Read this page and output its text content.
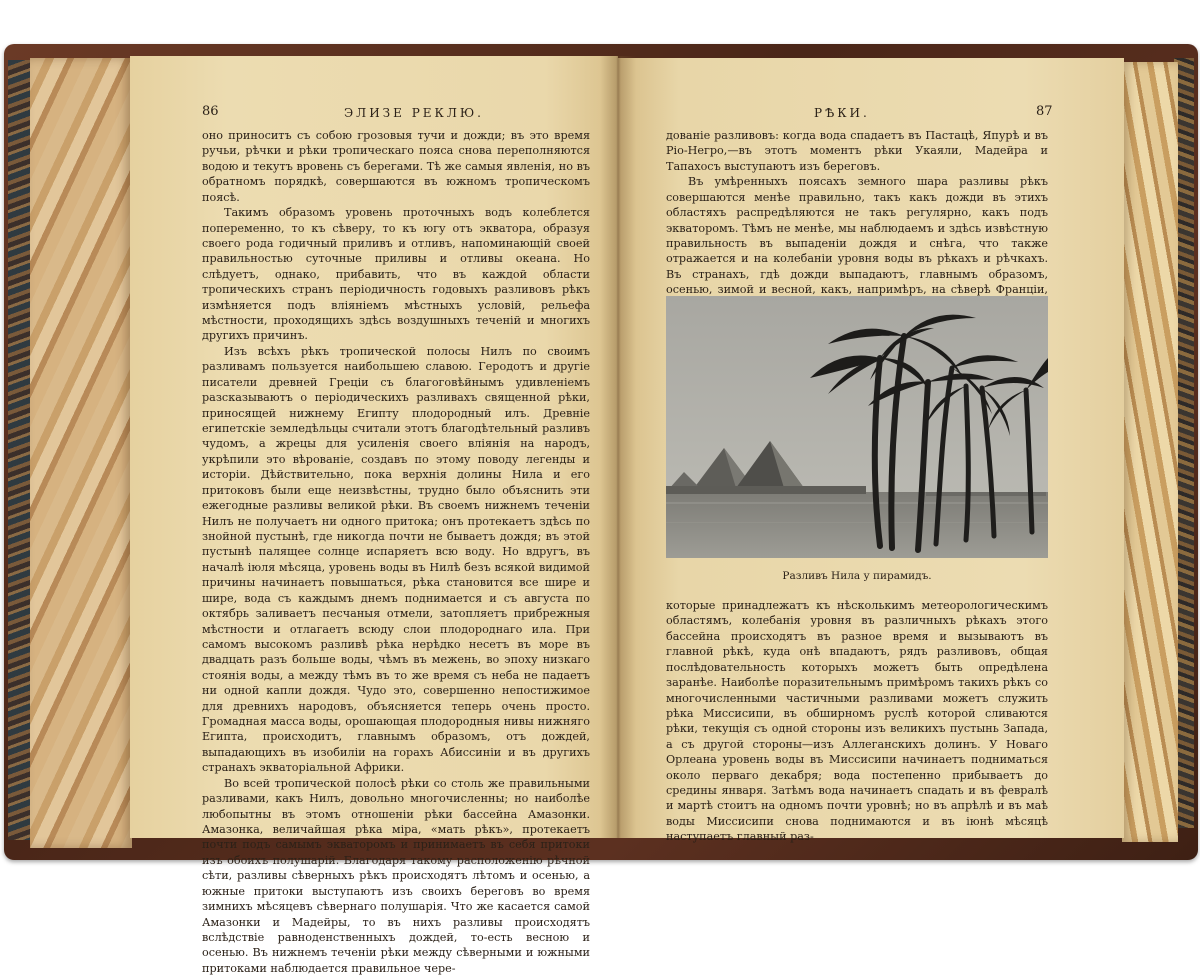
86	ЭЛИЗЕ РЕКЛЮ.

оно приноситъ съ собою грозовыя тучи и дожди; въ это время ручьи, рѣчки и рѣки тропическаго пояса снова переполняются водою и текутъ вровень съ берегами. Тѣ же самыя явленія, но въ обратномъ порядкѣ, совершаются въ южномъ тропическомъ поясѣ.

Такимъ образомъ уровень проточныхъ водъ колеблется попеременно, то къ сѣверу, то къ югу отъ экватора, образуя своего рода годичный приливъ и отливъ, напоминающій своей правильностью суточные приливы и отливы океана. Но слѣдуетъ, однако, прибавить, что въ каждой области тропическихъ странъ періодичность годовыхъ разливовъ рѣкъ измѣняется подъ вліяніемъ мѣстныхъ условій, рельефа мѣстности, проходящихъ здѣсь воздушныхъ теченій и многихъ другихъ причинъ.

Изъ всѣхъ рѣкъ тропической полосы Нилъ по своимъ разливамъ пользуется наибольшею славою. Геродотъ и другіе писатели древней Греціи съ благоговѣйнымъ удивленіемъ разсказываютъ о періодическихъ разливахъ священной рѣки, приносящей нижнему Египту плодородный илъ. Древніе египетскіе земледѣльцы считали этотъ благодѣтельный разливъ чудомъ, а жрецы для усиленія своего вліянія на народъ, укрѣпили это вѣрованіе, создавъ по этому поводу легенды и исторіи. Дѣйствительно, пока верхнія долины Нила и его притоковъ были еще неизвѣстны, трудно было объяснить эти ежегодные разливы великой рѣки. Въ своемъ нижнемъ теченіи Нилъ не получаетъ ни одного притока; онъ протекаетъ здѣсь по знойной пустынѣ, где никогда почти не бываетъ дождя; въ этой пустынѣ палящее солнце испаряетъ всю воду. Но вдругъ, въ началѣ іюля мѣсяца, уровень воды въ Нилѣ безъ всякой видимой причины начинаетъ повышаться, рѣка становится все шире и шире, вода съ каждымъ днемъ поднимается и съ августа по октябрь заливаетъ песчаныя отмели, затопляетъ прибрежныя мѣстности и отлагаетъ всюду слои плодороднаго ила. При самомъ высокомъ разливѣ рѣка нерѣдко несетъ въ море въ двадцать разъ больше воды, чѣмъ въ межень, во эпоху низкаго стоянія воды, а между тѣмъ въ то же время съ неба не падаетъ ни одной капли дождя. Чудо это, совершенно непостижимое для древнихъ народовъ, объясняется теперь очень просто. Громадная масса воды, орошающая плодородныя нивы нижняго Египта, происходитъ, главнымъ образомъ, отъ дождей, выпадающихъ въ изобиліи на горахъ Абиссиніи и въ другихъ странахъ экваторіальной Африки.

Во всей тропической полосѣ рѣки со столь же правильными разливами, какъ Нилъ, довольно многочисленны; но наиболѣе любопытны въ этомъ отношеніи рѣки бассейна Амазонки. Амазонка, величайшая рѣка міра, «мать рѣкъ», протекаетъ почти подъ самымъ экваторомъ и принимаетъ въ себя притоки изъ обоихъ полушарій. Благодаря такому расположенію рѣчной сѣти, разливы сѣверныхъ рѣкъ происходятъ лѣтомъ и осенью, а южные притоки выступаютъ изъ своихъ береговъ во время зимнихъ мѣсяцевъ сѣвернаго полушарія. Что же касается самой Амазонки и Мадейры, то въ нихъ разливы происходятъ вслѣдствіе равноденственныхъ дождей, то-есть весною и осенью. Въ нижнемъ теченіи рѣки между сѣверными и южными притоками наблюдается правильное чере-

РѢКИ.	87

дованіе разливовъ: когда вода спадаетъ въ Пастацѣ, Япурѣ и въ Ріо-Негро,—въ этотъ моментъ рѣки Укаяли, Мадейра и Тапахосъ выступаютъ изъ береговъ.

Въ умѣренныхъ поясахъ земного шара разливы рѣкъ совершаются менѣе правильно, такъ какъ дожди въ этихъ областяхъ распредѣляются не такъ регулярно, какъ подъ экваторомъ. Тѣмъ не менѣе, мы наблюдаемъ и здѣсь извѣстную правильность въ выпаденіи дождя и снѣга, что также отражается и на колебаніи уровня воды въ рѣкахъ и рѣчкахъ. Въ странахъ, гдѣ дожди выпадаютъ, главнымъ образомъ, осенью, зимой и весной, какъ, напримѣръ, на сѣверѣ Франціи,

Разливъ Нила у пирамидъ.

которые принадлежатъ къ нѣсколькимъ метеорологическимъ областямъ, колебанія уровня въ различныхъ рѣкахъ этого бассейна происходятъ въ разное время и вызываютъ въ главной рѣкѣ, куда онѣ впадаютъ, рядъ разливовъ, общая послѣдовательность которыхъ можетъ быть опредѣлена заранѣе. Наиболѣе поразительнымъ примѣромъ такихъ рѣкъ со многочисленными частичными разливами можетъ служить рѣка Миссисипи, въ обширномъ руслѣ которой сливаются рѣки, текущія съ одной стороны изъ великихъ пустынь Запада, а съ другой стороны—изъ Аллеганскихъ долинъ. У Новаго Орлеана уровень воды въ Миссисипи начинаетъ подниматься около перваго декабря; вода постепенно прибываетъ до средины января. Затѣмъ вода начинаетъ спадать и въ февралѣ и мартѣ стоитъ на одномъ почти уровнѣ; но въ апрѣлѣ и въ маѣ воды Миссисипи снова поднимаются и въ іюнѣ мѣсяцѣ наступаетъ главный раз-
